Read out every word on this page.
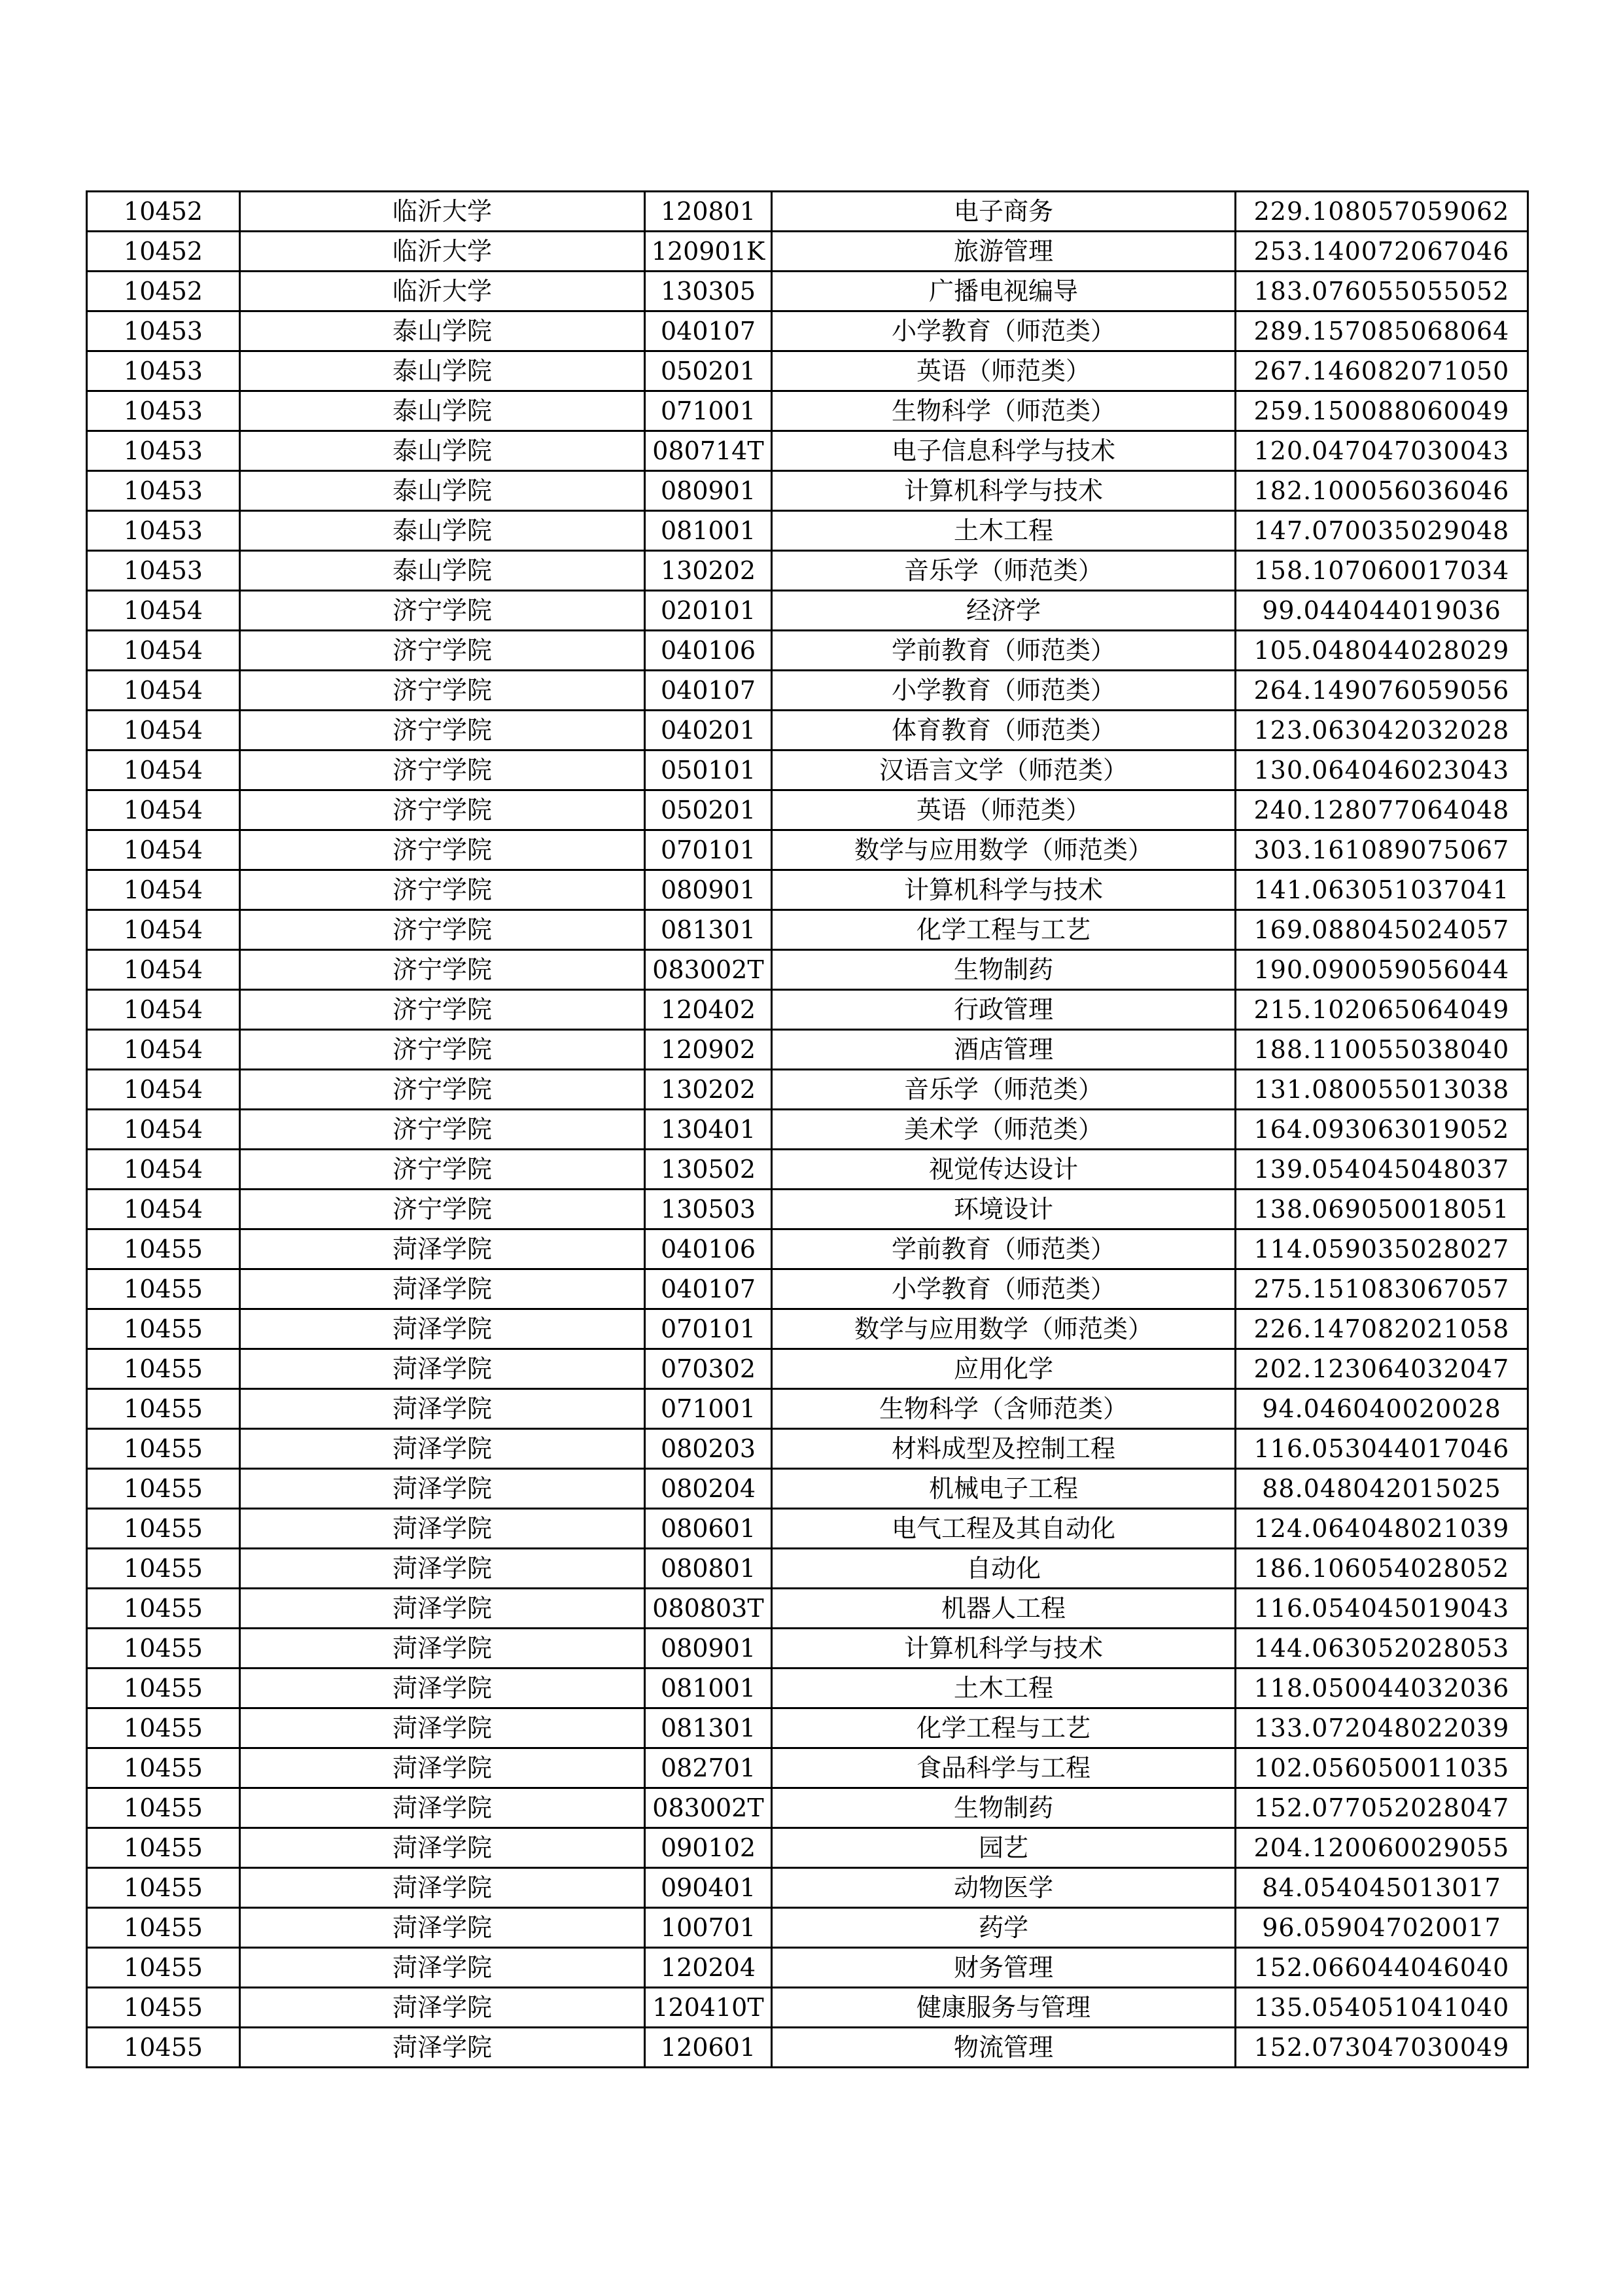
10452	临沂大学	120801	电子商务	229.108057059062
10452	临沂大学	120901K	旅游管理	253.140072067046
10452	临沂大学	130305	广播电视编导	183.076055055052
10453	泰山学院	040107	小学教育（师范类）	289.157085068064
10453	泰山学院	050201	英语（师范类）	267.146082071050
10453	泰山学院	071001	生物科学（师范类）	259.150088060049
10453	泰山学院	080714T	电子信息科学与技术	120.047047030043
10453	泰山学院	080901	计算机科学与技术	182.100056036046
10453	泰山学院	081001	土木工程	147.070035029048
10453	泰山学院	130202	音乐学（师范类）	158.107060017034
10454	济宁学院	020101	经济学	99.044044019036
10454	济宁学院	040106	学前教育（师范类）	105.048044028029
10454	济宁学院	040107	小学教育（师范类）	264.149076059056
10454	济宁学院	040201	体育教育（师范类）	123.063042032028
10454	济宁学院	050101	汉语言文学（师范类）	130.064046023043
10454	济宁学院	050201	英语（师范类）	240.128077064048
10454	济宁学院	070101	数学与应用数学（师范类）	303.161089075067
10454	济宁学院	080901	计算机科学与技术	141.063051037041
10454	济宁学院	081301	化学工程与工艺	169.088045024057
10454	济宁学院	083002T	生物制药	190.090059056044
10454	济宁学院	120402	行政管理	215.102065064049
10454	济宁学院	120902	酒店管理	188.110055038040
10454	济宁学院	130202	音乐学（师范类）	131.080055013038
10454	济宁学院	130401	美术学（师范类）	164.093063019052
10454	济宁学院	130502	视觉传达设计	139.054045048037
10454	济宁学院	130503	环境设计	138.069050018051
10455	菏泽学院	040106	学前教育（师范类）	114.059035028027
10455	菏泽学院	040107	小学教育（师范类）	275.151083067057
10455	菏泽学院	070101	数学与应用数学（师范类）	226.147082021058
10455	菏泽学院	070302	应用化学	202.123064032047
10455	菏泽学院	071001	生物科学（含师范类）	94.046040020028
10455	菏泽学院	080203	材料成型及控制工程	116.053044017046
10455	菏泽学院	080204	机械电子工程	88.048042015025
10455	菏泽学院	080601	电气工程及其自动化	124.064048021039
10455	菏泽学院	080801	自动化	186.106054028052
10455	菏泽学院	080803T	机器人工程	116.054045019043
10455	菏泽学院	080901	计算机科学与技术	144.063052028053
10455	菏泽学院	081001	土木工程	118.050044032036
10455	菏泽学院	081301	化学工程与工艺	133.072048022039
10455	菏泽学院	082701	食品科学与工程	102.056050011035
10455	菏泽学院	083002T	生物制药	152.077052028047
10455	菏泽学院	090102	园艺	204.120060029055
10455	菏泽学院	090401	动物医学	84.054045013017
10455	菏泽学院	100701	药学	96.059047020017
10455	菏泽学院	120204	财务管理	152.066044046040
10455	菏泽学院	120410T	健康服务与管理	135.054051041040
10455	菏泽学院	120601	物流管理	152.073047030049
